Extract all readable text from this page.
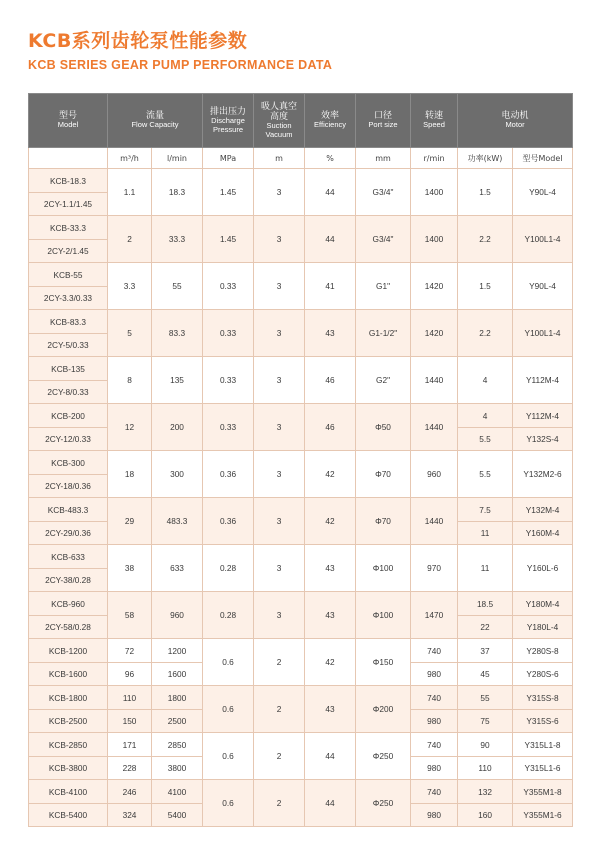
KCB系列齿轮泵性能参数
KCB SERIES GEAR PUMP PERFORMANCE DATA
型号
Model	流量
Flow Capacity		排出压力
Discharge
Pressure	吸人真空
高度
Suction
Vacuum	效率
Efficiency	口径
Port size	转速
Speed	电动机
Motor	

	m³/h	l/min	MPa	m	%	mm	r/min	功率(kW)	型号Model
KCB-18.3	1.1	18.3	1.45	3	44	G3/4"	1400	1.5	Y90L-4
2CY-1.1/1.45									
KCB-33.3	2	33.3	1.45	3	44	G3/4"	1400	2.2	Y100L1-4
2CY-2/1.45									
KCB-55	3.3	55	0.33	3	41	G1"	1420	1.5	Y90L-4
2CY-3.3/0.33									
KCB-83.3	5	83.3	0.33	3	43	G1-1/2"	1420	2.2	Y100L1-4
2CY-5/0.33									
KCB-135	8	135	0.33	3	46	G2"	1440	4	Y112M-4
2CY-8/0.33									
KCB-200	12	200	0.33	3	46	Φ50	1440	4	Y112M-4
2CY-12/0.33								5.5	Y132S-4
KCB-300	18	300	0.36	3	42	Φ70	960	5.5	Y132M2-6
2CY-18/0.36									
KCB-483.3	29	483.3	0.36	3	42	Φ70	1440	7.5	Y132M-4
2CY-29/0.36								11	Y160M-4
KCB-633	38	633	0.28	3	43	Φ100	970	11	Y160L-6
2CY-38/0.28									
KCB-960	58	960	0.28	3	43	Φ100	1470	18.5	Y180M-4
2CY-58/0.28								22	Y180L-4
KCB-1200	72	1200	0.6	2	42	Φ150	740	37	Y280S-8
KCB-1600	96	1600					980	45	Y280S-6
KCB-1800	110	1800	0.6	2	43	Φ200	740	55	Y315S-8
KCB-2500	150	2500					980	75	Y315S-6
KCB-2850	171	2850	0.6	2	44	Φ250	740	90	Y315L1-8
KCB-3800	228	3800					980	110	Y315L1-6
KCB-4100	246	4100	0.6	2	44	Φ250	740	132	Y355M1-8
KCB-5400	324	5400					980	160	Y355M1-6
